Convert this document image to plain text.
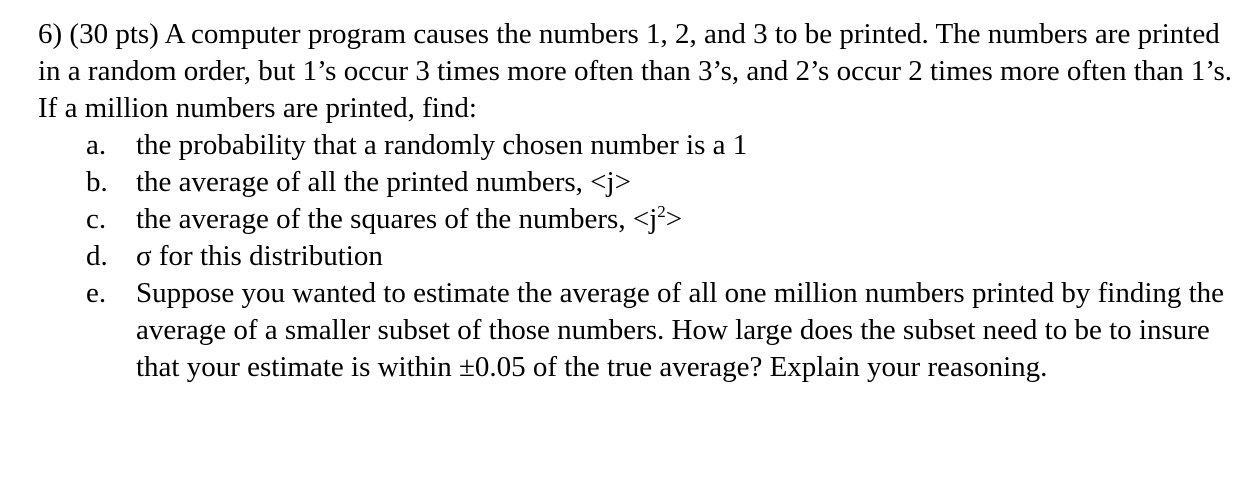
6) (30 pts) A computer program causes the numbers 1, 2, and 3 to be printed. The numbers are printed in a random order, but 1’s occur 3 times more often than 3’s, and 2’s occur 2 times more often than 1’s. If a million numbers are printed, find:

a.	the probability that a randomly chosen number is a 1
b. the average of all the printed numbers, <j>
c.	the average of the squares of the numbers, $<j^2>$
d. σ for this distribution
e.	Suppose you wanted to estimate the average of all one million numbers printed by finding the average of a smaller subset of those numbers. How large does the subset need to be to insure that your estimate is within ±0.05 of the true average? Explain your reasoning.
